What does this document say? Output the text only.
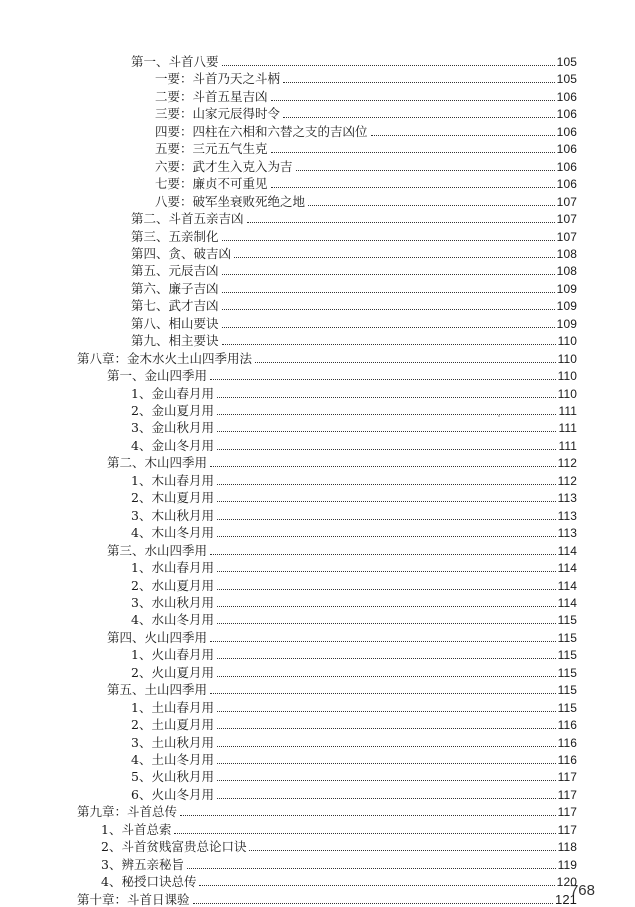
第一、斗首八要	105
一要：斗首乃天之斗柄	105
二要：斗首五星吉凶	106
三要：山家元辰得时令	106
四要：四柱在六相和六替之支的吉凶位	106
五要：三元五气生克	106
六要：武才生入克入为吉	106
七要：廉贞不可重见	106
八要：破军坐衰败死绝之地	107
第二、斗首五亲吉凶	107
第三、五亲制化	107
第四、贪、破吉凶	108
第五、元辰吉凶	108
第六、廉子吉凶	109
第七、武才吉凶	109
第八、相山要诀	109
第九、相主要诀	110
第八章：金木水火土山四季用法	110
第一、金山四季用	110
1、金山春月用	110
2、金山夏月用	111
3、金山秋月用	111
4、金山冬月用	111
第二、木山四季用	112
1、木山春月用	112
2、木山夏月用	113
3、木山秋月用	113
4、木山冬月用	113
第三、水山四季用	114
1、水山春月用	114
2、水山夏月用	114
3、水山秋月用	114
4、水山冬月用	115
第四、火山四季用	115
1、火山春月用	115
2、火山夏月用	115
第五、土山四季用	115
1、土山春月用	115
2、土山夏月用	116
3、土山秋月用	116
4、土山冬月用	116
5、火山秋月用	117
6、火山冬月用	117
第九章：斗首总传	117
1、斗首总索	117
2、斗首贫贱富贵总论口诀	118
3、辨五亲秘旨	119
4、秘授口诀总传	120
第十章：斗首日课验	121
768
